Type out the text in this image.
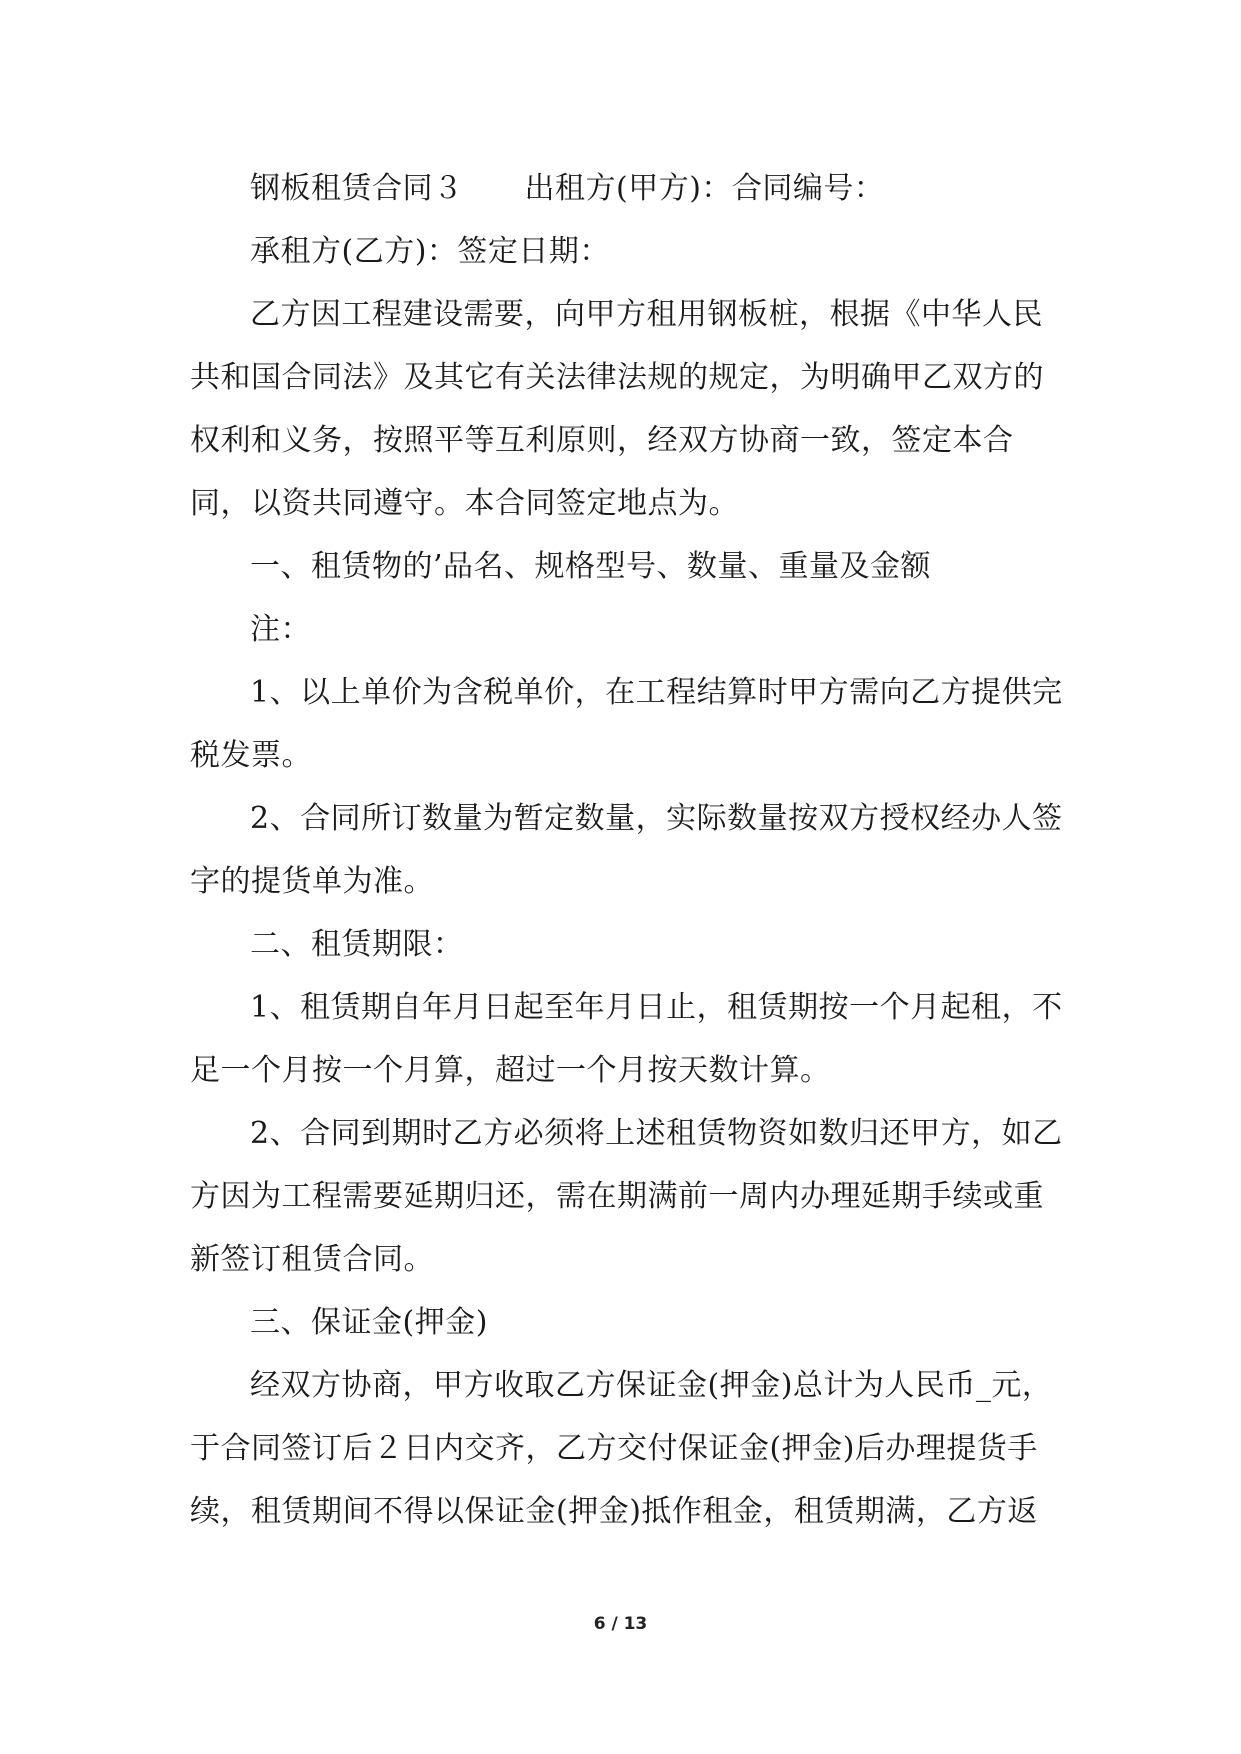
钢板租赁合同３　　出租方(甲方)：合同编号：

承租方(乙方)：签定日期：

乙方因工程建设需要，向甲方租用钢板桩，根据《中华人民共和国合同法》及其它有关法律法规的规定，为明确甲乙双方的权利和义务，按照平等互利原则，经双方协商一致，签定本合同，以资共同遵守。本合同签定地点为。

一、租赁物的’品名、规格型号、数量、重量及金额

注：

1、以上单价为含税单价，在工程结算时甲方需向乙方提供完税发票。

2、合同所订数量为暂定数量，实际数量按双方授权经办人签字的提货单为准。

二、租赁期限：

1、租赁期自年月日起至年月日止，租赁期按一个月起租，不足一个月按一个月算，超过一个月按天数计算。

2、合同到期时乙方必须将上述租赁物资如数归还甲方，如乙方因为工程需要延期归还，需在期满前一周内办理延期手续或重新签订租赁合同。

三、保证金(押金)

经双方协商，甲方收取乙方保证金(押金)总计为人民币_元，于合同签订后２日内交齐，乙方交付保证金(押金)后办理提货手续，租赁期间不得以保证金(押金)抵作租金，租赁期满，乙方返

6 / 13
